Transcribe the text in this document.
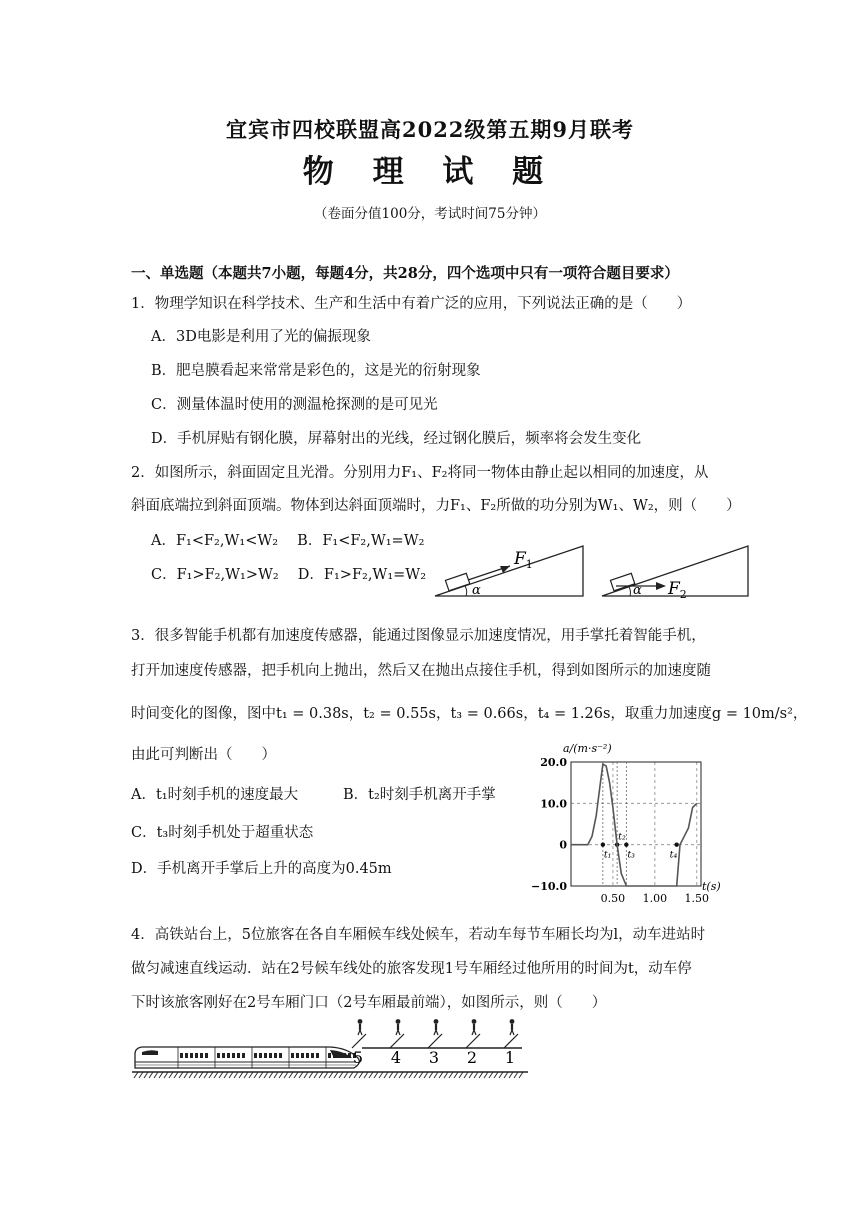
宜宾市四校联盟高2022级第五期9月联考
物 理 试 题
（卷面分值100分，考试时间75分钟）
一、单选题（本题共7小题，每题4分，共28分，四个选项中只有一项符合题目要求）
1．物理学知识在科学技术、生产和生活中有着广泛的应用，下列说法正确的是（　　）
A．3D电影是利用了光的偏振现象
B．肥皂膜看起来常常是彩色的，这是光的衍射现象
C．测量体温时使用的测温枪探测的是可见光
D．手机屏贴有钢化膜，屏幕射出的光线，经过钢化膜后，频率将会发生变化
2．如图所示，斜面固定且光滑。分别用力F₁、F₂将同一物体由静止起以相同的加速度，从
斜面底端拉到斜面顶端。物体到达斜面顶端时，力F₁、F₂所做的功分别为W₁、W₂，则（　　）
A．F₁<F₂,W₁<W₂　 B．F₁<F₂,W₁=W₂
C．F₁>F₂,W₁>W₂　 D．F₁>F₂,W₁=W₂
$F_1$
α	$F_2$
α
3．很多智能手机都有加速度传感器，能通过图像显示加速度情况，用手掌托着智能手机，
打开加速度传感器，把手机向上抛出，然后又在抛出点接住手机，得到如图所示的加速度随
时间变化的图像，图中t₁ = 0.38s，t₂ = 0.55s，t₃ = 0.66s，t₄ = 1.26s，取重力加速度g = 10m/s²，
由此可判断出（　　）
A．t₁时刻手机的速度最大	B．t₂时刻手机离开手掌
C．t₃时刻手机处于超重状态
D．手机离开手掌后上升的高度为0.45m
t₁
t₂
t₃	t₄
a/(m·s⁻²)
t(s)
20.0
10.0
0
−10.0
0.50 1.00 1.50
4．高铁站台上，5位旅客在各自车厢候车线处候车，若动车每节车厢长均为l，动车进站时
做匀减速直线运动．站在2号候车线处的旅客发现1号车厢经过他所用的时间为t，动车停
下时该旅客刚好在2号车厢门口（2号车厢最前端），如图所示，则（　　）
5 4 3 2 1
